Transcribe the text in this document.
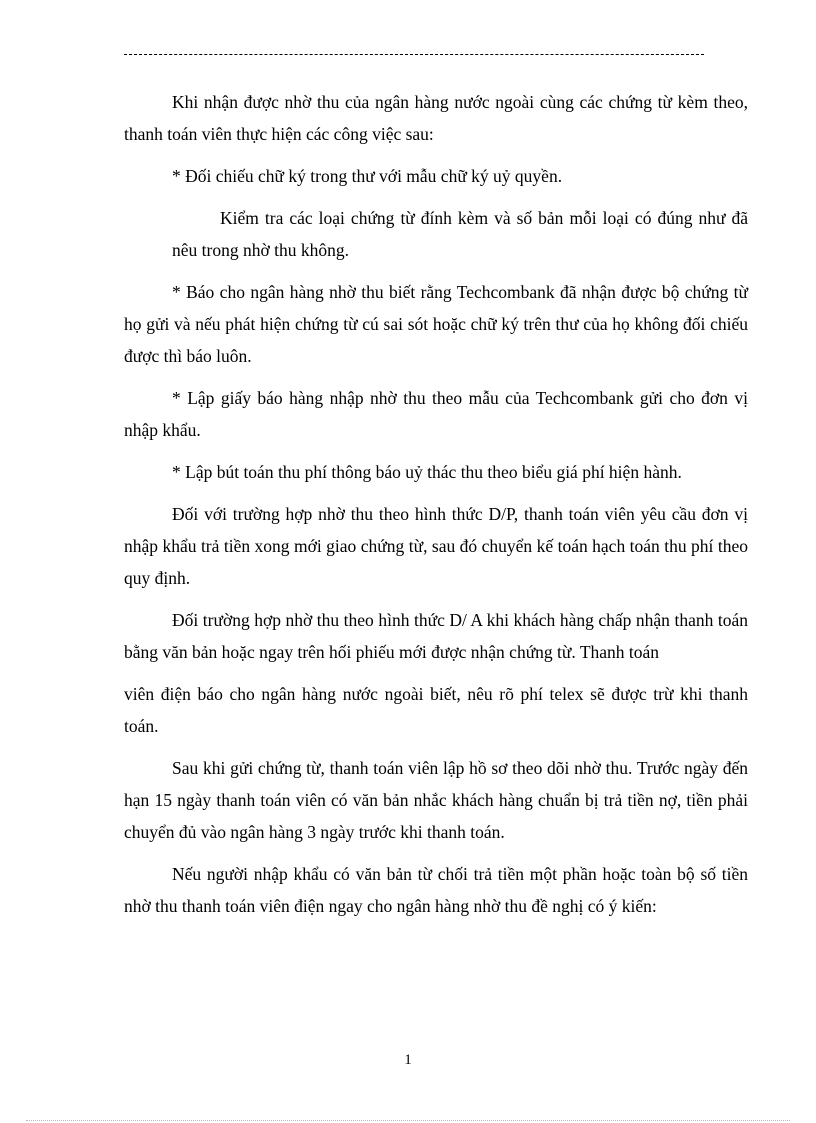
Khi nhận được nhờ thu của ngân hàng nước ngoài cùng các chứng từ kèm theo, thanh toán viên thực hiện các công việc sau:

* Đối chiếu chữ ký trong thư với mẫu chữ ký uỷ quyền.

Kiểm tra các loại chứng từ đính kèm và số bản mỗi loại có đúng như đã nêu trong nhờ thu không.

* Báo cho ngân hàng nhờ thu biết rằng Techcombank đã nhận được bộ chứng từ họ gửi và nếu phát hiện chứng từ cú sai sót hoặc chữ ký trên thư của họ không đối chiếu được thì báo luôn.

* Lập giấy báo hàng nhập nhờ thu theo mẫu của Techcombank gửi cho đơn vị nhập khẩu.

* Lập bút toán thu phí thông báo uỷ thác thu theo biểu giá phí hiện hành.

Đối với trường hợp nhờ thu theo hình thức D/P, thanh toán viên yêu cầu đơn vị nhập khẩu trả tiền xong mới giao chứng từ, sau đó chuyển kế toán hạch toán thu phí theo quy định.

Đối trường hợp nhờ thu theo hình thức D/ A khi khách hàng chấp nhận thanh toán bằng văn bản hoặc ngay trên hối phiếu mới được nhận chứng từ. Thanh toán

viên điện báo cho ngân hàng nước ngoài biết, nêu rõ phí telex sẽ được trừ khi thanh toán.

Sau khi gửi chứng từ, thanh toán viên lập hồ sơ theo dõi nhờ thu. Trước ngày đến hạn 15 ngày thanh toán viên có văn bản nhắc khách hàng chuẩn bị trả tiền nợ, tiền phải chuyển đủ vào ngân hàng 3 ngày trước khi thanh toán.

Nếu người nhập khẩu có văn bản từ chối trả tiền một phần hoặc toàn bộ số tiền nhờ thu thanh toán viên điện ngay cho ngân hàng nhờ thu đề nghị có ý kiến:

1
